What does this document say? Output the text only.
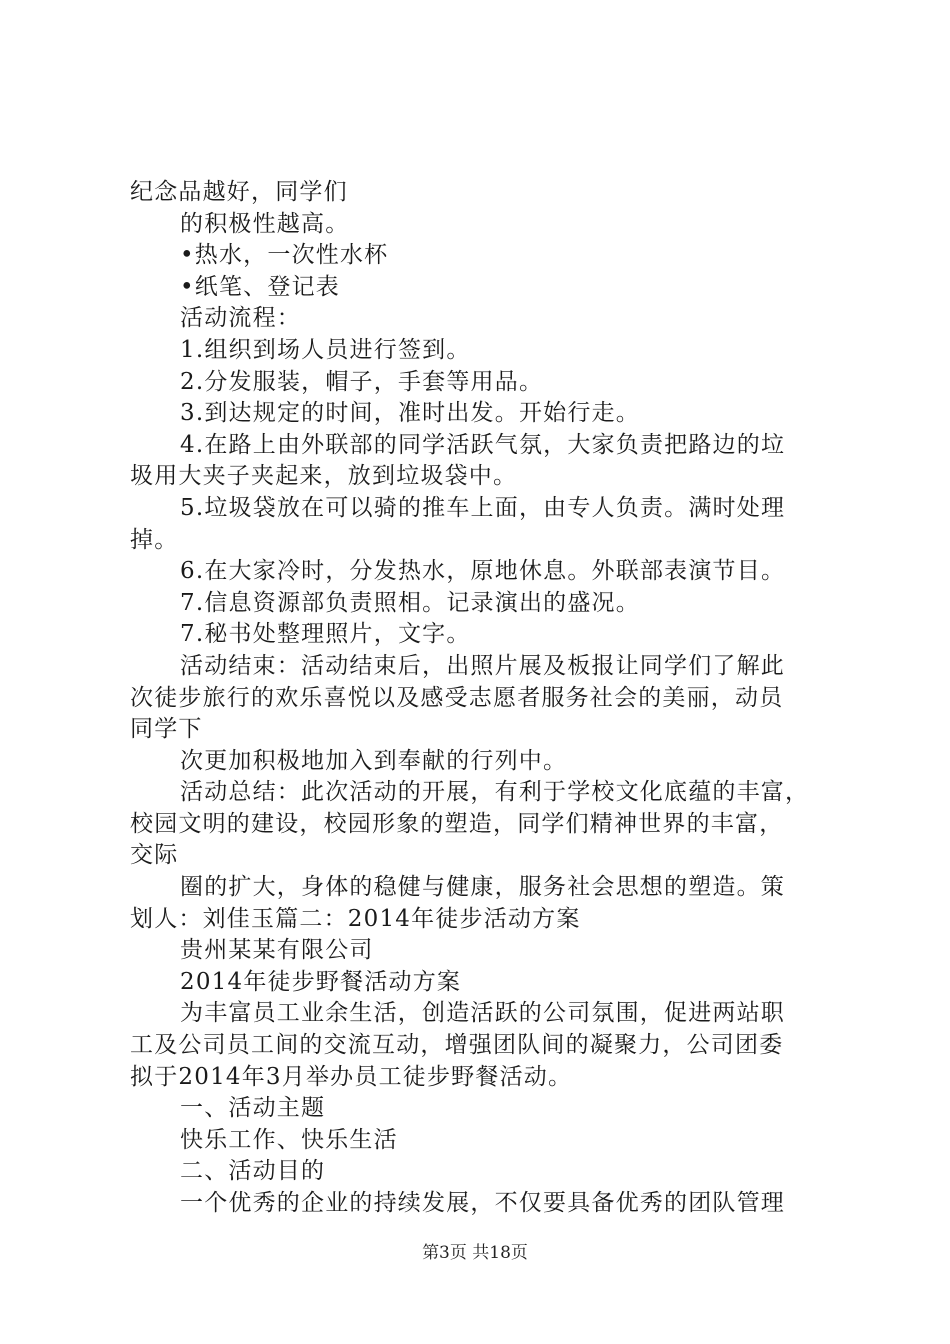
纪念品越好，同学们
的积极性越高。
•热水，一次性水杯
•纸笔、登记表
活动流程：
1.组织到场人员进行签到。
2.分发服装，帽子，手套等用品。
3.到达规定的时间，准时出发。开始行走。
4.在路上由外联部的同学活跃气氛，大家负责把路边的垃
圾用大夹子夹起来，放到垃圾袋中。
5.垃圾袋放在可以骑的推车上面，由专人负责。满时处理
掉。
6.在大家冷时，分发热水，原地休息。外联部表演节目。
7.信息资源部负责照相。记录演出的盛况。
7.秘书处整理照片，文字。
活动结束：活动结束后，出照片展及板报让同学们了解此
次徒步旅行的欢乐喜悦以及感受志愿者服务社会的美丽，动员
同学下
次更加积极地加入到奉献的行列中。
活动总结：此次活动的开展，有利于学校文化底蕴的丰富，
校园文明的建设，校园形象的塑造，同学们精神世界的丰富，
交际
圈的扩大，身体的稳健与健康，服务社会思想的塑造。策
划人：刘佳玉篇二：2014年徒步活动方案
贵州某某有限公司
2014年徒步野餐活动方案
为丰富员工业余生活，创造活跃的公司氛围，促进两站职
工及公司员工间的交流互动，增强团队间的凝聚力，公司团委
拟于2014年3月举办员工徒步野餐活动。
一、活动主题
快乐工作、快乐生活
二、活动目的
一个优秀的企业的持续发展，不仅要具备优秀的团队管理
第3页 共18页
